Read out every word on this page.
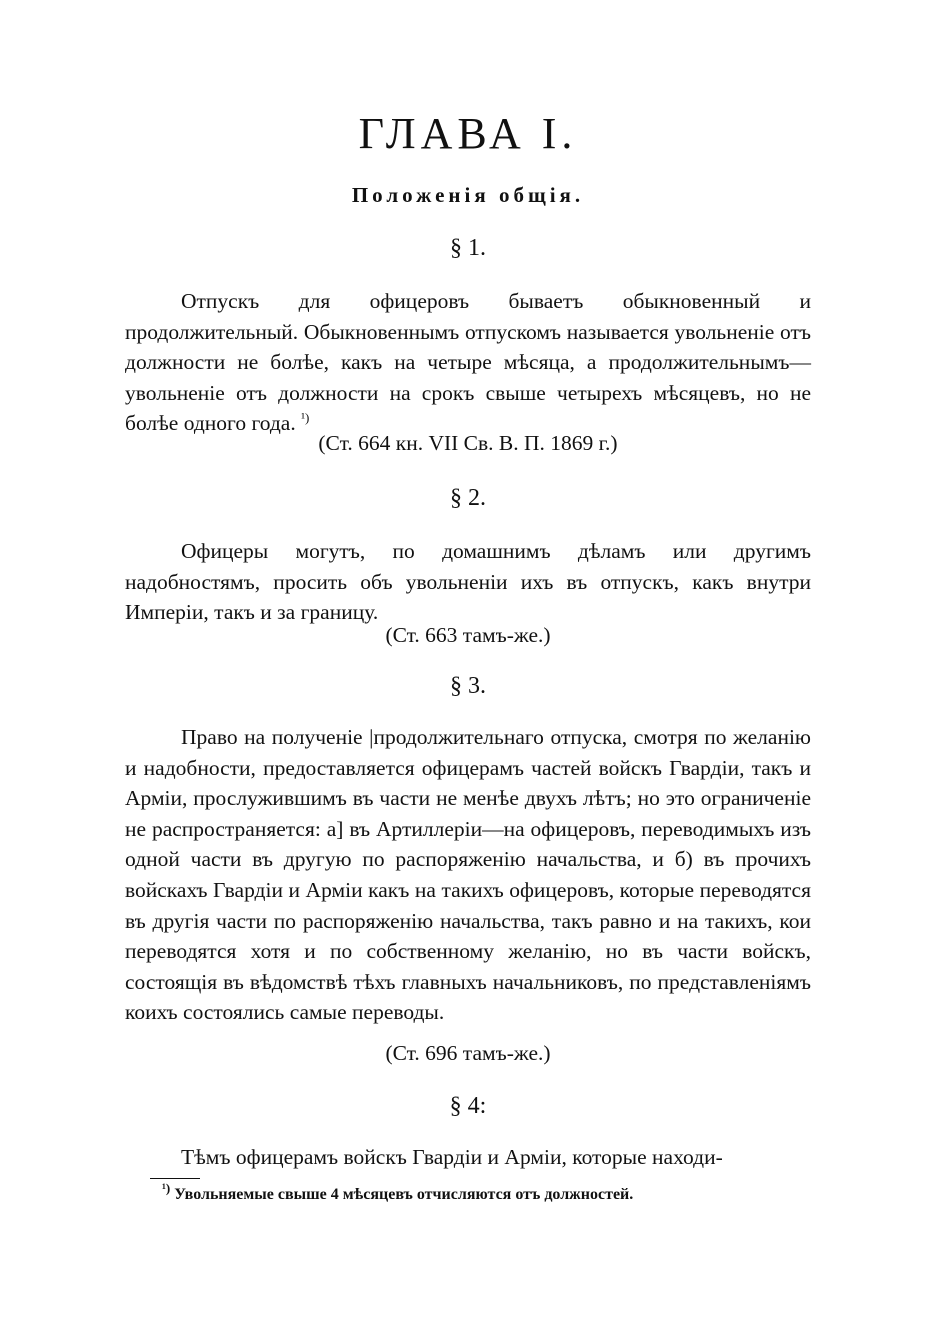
ГЛАВА I.
Положенія общія.

§ 1.

Отпускъ для офицеровъ бываетъ обыкновенный и продолжительный. Обыкновеннымъ отпускомъ называется увольненіе отъ должности не болѣе, какъ на четыре мѣсяца, а продолжительнымъ—увольненіе отъ должности на срокъ свыше четырехъ мѣсяцевъ, но не болѣе одного года. $^{^1)}$

(Ст. 664 кн. VII Св. В. П. 1869 г.)

§ 2.

Офицеры могутъ, по домашнимъ дѣламъ или другимъ надобностямъ, просить объ увольненіи ихъ въ отпускъ, какъ внутри Имперіи, такъ и за границу.

(Ст. 663 тамъ-же.)

§ 3.

Право на полученіе |продолжительнаго отпуска, смотря по желанію и надобности, предоставляется офицерамъ частей войскъ Гвардіи, такъ и Арміи, прослужившимъ въ части не менѣе двухъ лѣтъ; но это ограниченіе не распространяется: а] въ Артиллеріи—на офицеровъ, переводимыхъ изъ одной части въ другую по распоряженію начальства, и б) въ прочихъ войскахъ Гвардіи и Арміи какъ на такихъ офицеровъ, которые переводятся въ другія части по распоряженію начальства, такъ равно и на такихъ, кои переводятся хотя и по собственному желанію, но въ части войскъ, состоящія въ вѣдомствѣ тѣхъ главныхъ начальниковъ, по представленіямъ коихъ состоялись самые переводы.

(Ст. 696 тамъ-же.)

§ 4:

Тѣмъ офицерамъ войскъ Гвардіи и Арміи, которые находи-

$^{^1)}$ Увольняемые свыше 4 мѣсяцевъ отчисляются отъ должностей.
